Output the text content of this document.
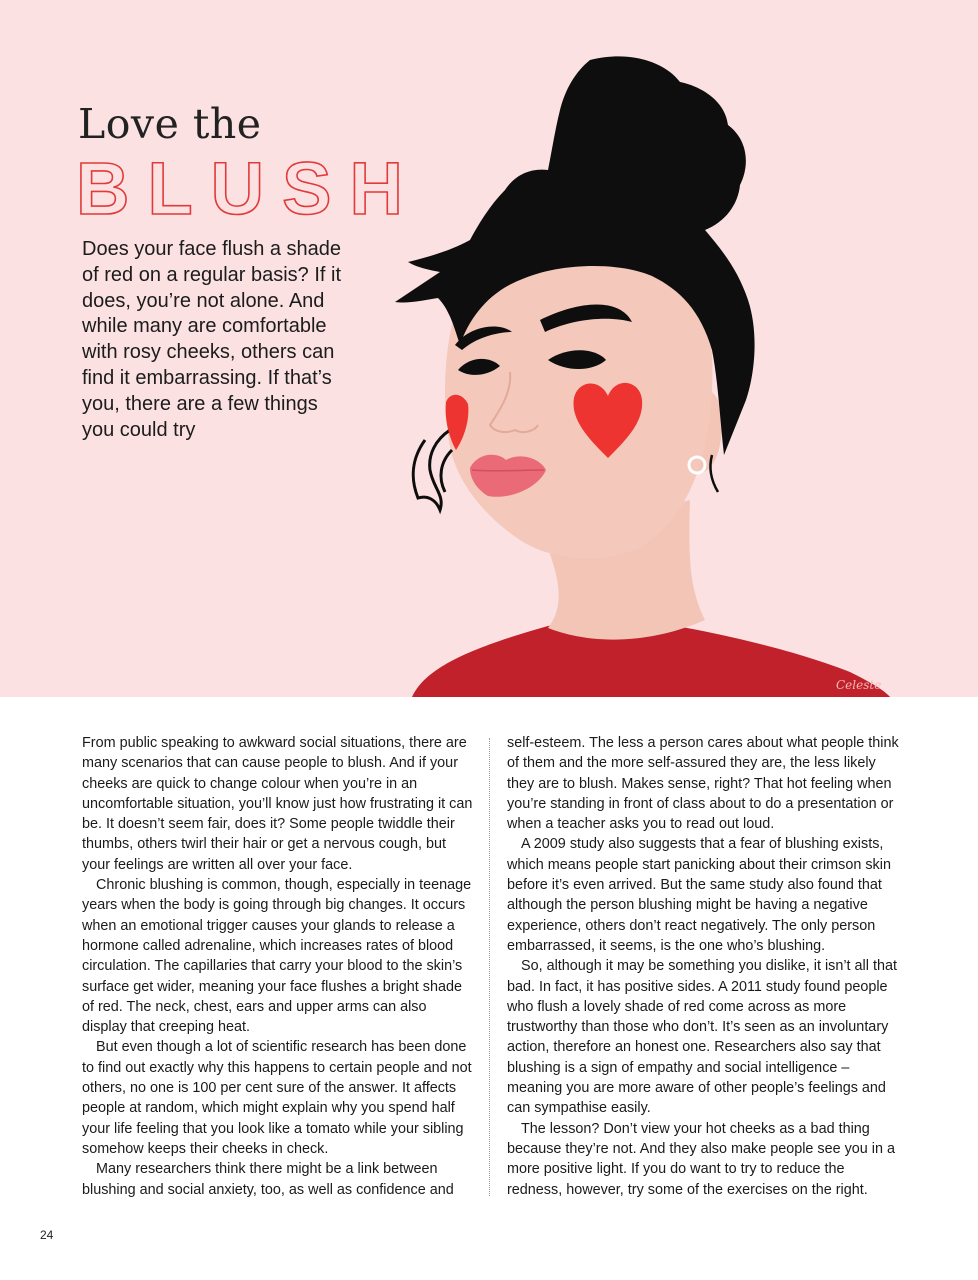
Love the
BLUSH
Does your face flush a shade of red on a regular basis? If it does, you’re not alone. And while many are comfortable with rosy cheeks, others can find it embarrassing. If that’s you, there are a few things you could try
Celeste

From public speaking to awkward social situations, there are many scenarios that can cause people to blush. And if your cheeks are quick to change colour when you’re in an uncomfortable situation, you’ll know just how frustrating it can be. It doesn’t seem fair, does it? Some people twiddle their thumbs, others twirl their hair or get a nervous cough, but your feelings are written all over your face.

Chronic blushing is common, though, especially in teenage years when the body is going through big changes. It occurs when an emotional trigger causes your glands to release a hormone called adrenaline, which increases rates of blood circulation. The capillaries that carry your blood to the skin’s surface get wider, meaning your face flushes a bright shade of red. The neck, chest, ears and upper arms can also display that creeping heat.

But even though a lot of scientific research has been done to find out exactly why this happens to certain people and not others, no one is 100 per cent sure of the answer. It affects people at random, which might explain why you spend half your life feeling that you look like a tomato while your sibling somehow keeps their cheeks in check.

Many researchers think there might be a link between blushing and social anxiety, too, as well as confidence and

self-esteem. The less a person cares about what people think of them and the more self-assured they are, the less likely they are to blush. Makes sense, right? That hot feeling when you’re standing in front of class about to do a presentation or when a teacher asks you to read out loud.

A 2009 study also suggests that a fear of blushing exists, which means people start panicking about their crimson skin before it’s even arrived. But the same study also found that although the person blushing might be having a negative experience, others don’t react negatively. The only person embarrassed, it seems, is the one who’s blushing.

So, although it may be something you dislike, it isn’t all that bad. In fact, it has positive sides. A 2011 study found people who flush a lovely shade of red come across as more trustworthy than those who don’t. It’s seen as an involuntary action, therefore an honest one. Researchers also say that blushing is a sign of empathy and social intelligence – meaning you are more aware of other people’s feelings and can sympathise easily.

The lesson? Don’t view your hot cheeks as a bad thing because they’re not. And they also make people see you in a more positive light. If you do want to try to reduce the redness, however, try some of the exercises on the right.

24
